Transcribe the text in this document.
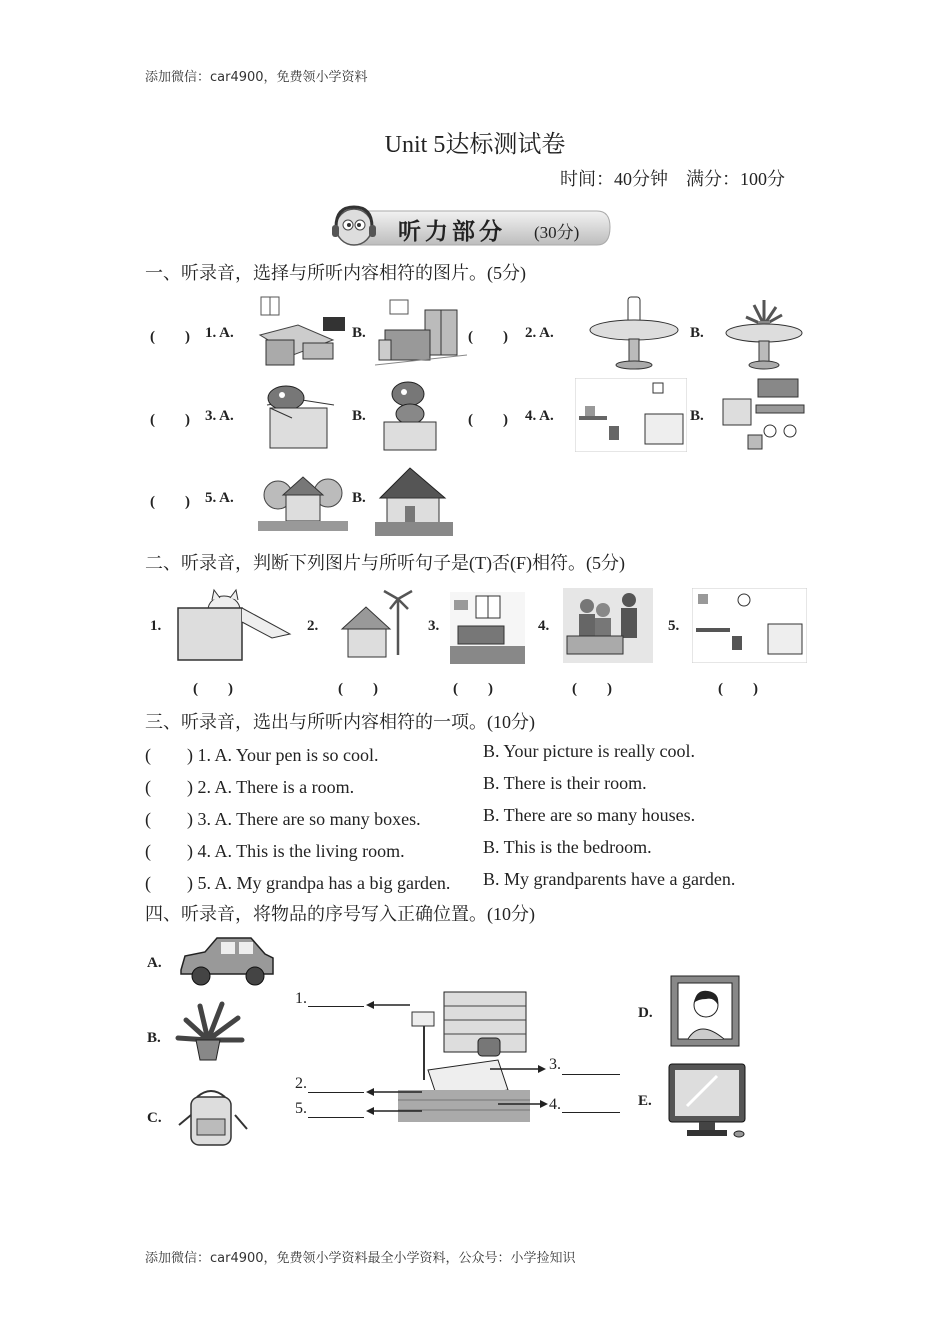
添加微信：car4900，免费领小学资料
添加微信：car4900，免费领小学资料最全小学资料，公众号：小学捡知识
Unit 5达标测试卷
时间：40分钟　满分：100分
听力部分 (30分)
一、听录音，选择与所听内容相符的图片。(5分)
(　　) 1. A.	B.	(　　) 2. A.	B.
(　　) 3. A.	B.	(　　) 4. A.	B.
(　　) 5. A.	B.
二、听录音，判断下列图片与所听句子是(T)否(F)相符。(5分)
1.	2.	3.	4.	5.
(　　)	(　　)	(　　)	(　　)	(　　)
三、听录音，选出与所听内容相符的一项。(10分)
(　　) 1. A. Your pen is so cool.	B. Your picture is really cool.
(　　) 2. A. There is a room.	B. There is their room.
(　　) 3. A. There are so many boxes.	B. There are so many houses.
(　　) 4. A. This is the living room.	B. This is the bedroom.
(　　) 5. A. My grandpa has a big garden. B. My grandparents have a garden.
四、听录音，将物品的序号写入正确位置。(10分)
A.
B.
C.
1.
2.
5.
3.
4.
D.
E.
